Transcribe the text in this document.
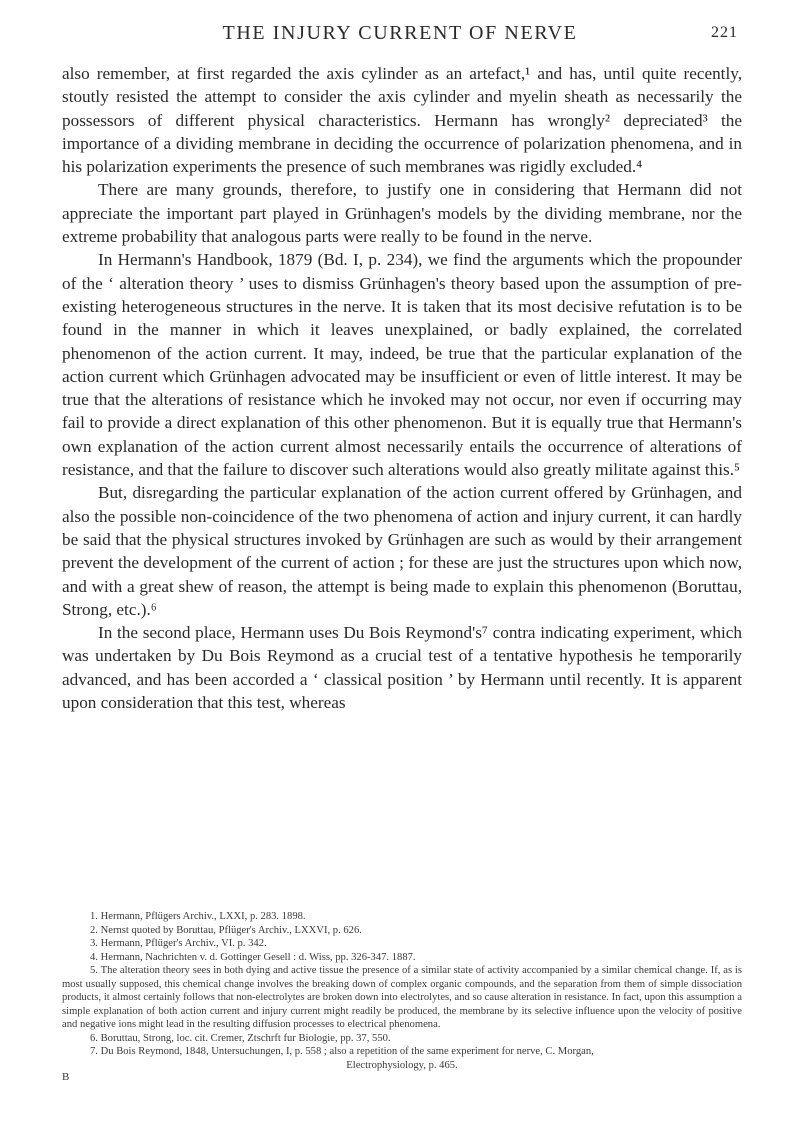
THE INJURY CURRENT OF NERVE	221

also remember, at first regarded the axis cylinder as an artefact,¹ and has, until quite recently, stoutly resisted the attempt to consider the axis cylinder and myelin sheath as necessarily the possessors of different physical characteristics. Hermann has wrongly² depreciated³ the importance of a dividing membrane in deciding the occurrence of polarization phenomena, and in his polarization experiments the presence of such membranes was rigidly excluded.⁴

There are many grounds, therefore, to justify one in considering that Hermann did not appreciate the important part played in Grünhagen's models by the dividing membrane, nor the extreme probability that analogous parts were really to be found in the nerve.

In Hermann's Handbook, 1879 (Bd. I, p. 234), we find the arguments which the propounder of the ‘ alteration theory ’ uses to dismiss Grünhagen's theory based upon the assumption of pre-existing heterogeneous structures in the nerve. It is taken that its most decisive refutation is to be found in the manner in which it leaves unexplained, or badly explained, the correlated phenomenon of the action current. It may, indeed, be true that the particular explanation of the action current which Grünhagen advocated may be insufficient or even of little interest. It may be true that the alterations of resistance which he invoked may not occur, nor even if occurring may fail to provide a direct explanation of this other phenomenon. But it is equally true that Hermann's own explanation of the action current almost necessarily entails the occurrence of alterations of resistance, and that the failure to discover such alterations would also greatly militate against this.⁵

But, disregarding the particular explanation of the action current offered by Grünhagen, and also the possible non-coincidence of the two phenomena of action and injury current, it can hardly be said that the physical structures invoked by Grünhagen are such as would by their arrangement prevent the development of the current of action ; for these are just the structures upon which now, and with a great shew of reason, the attempt is being made to explain this phenomenon (Boruttau, Strong, etc.).⁶

In the second place, Hermann uses Du Bois Reymond's⁷ contra indicating experiment, which was undertaken by Du Bois Reymond as a crucial test of a tentative hypothesis he temporarily advanced, and has been accorded a ‘ classical position ’ by Hermann until recently. It is apparent upon consideration that this test, whereas

1. Hermann, Pflügers Archiv., LXXI, p. 283. 1898.

2. Nernst quoted by Boruttau, Pflüger's Archiv., LXXVI, p. 626.

3. Hermann, Pflüger's Archiv., VI. p. 342.

4. Hermann, Nachrichten v. d. Gottinger Gesell : d. Wiss, pp. 326-347. 1887.

5. The alteration theory sees in both dying and active tissue the presence of a similar state of activity accompanied by a similar chemical change. If, as is most usually supposed, this chemical change involves the breaking down of complex organic compounds, and the separation from them of simple dissociation products, it almost certainly follows that non-electrolytes are broken down into electrolytes, and so cause alteration in resistance. In fact, upon this assumption a simple explanation of both action current and injury current might readily be produced, the membrane by its selective influence upon the velocity of positive and negative ions might lead in the resulting diffusion processes to electrical phenomena.

6. Boruttau, Strong, loc. cit. Cremer, Ztschrft fur Biologie, pp. 37, 550.

7. Du Bois Reymond, 1848, Untersuchungen, I, p. 558 ; also a repetition of the same experiment for nerve, C. Morgan,

Electrophysiology, p. 465.

B
